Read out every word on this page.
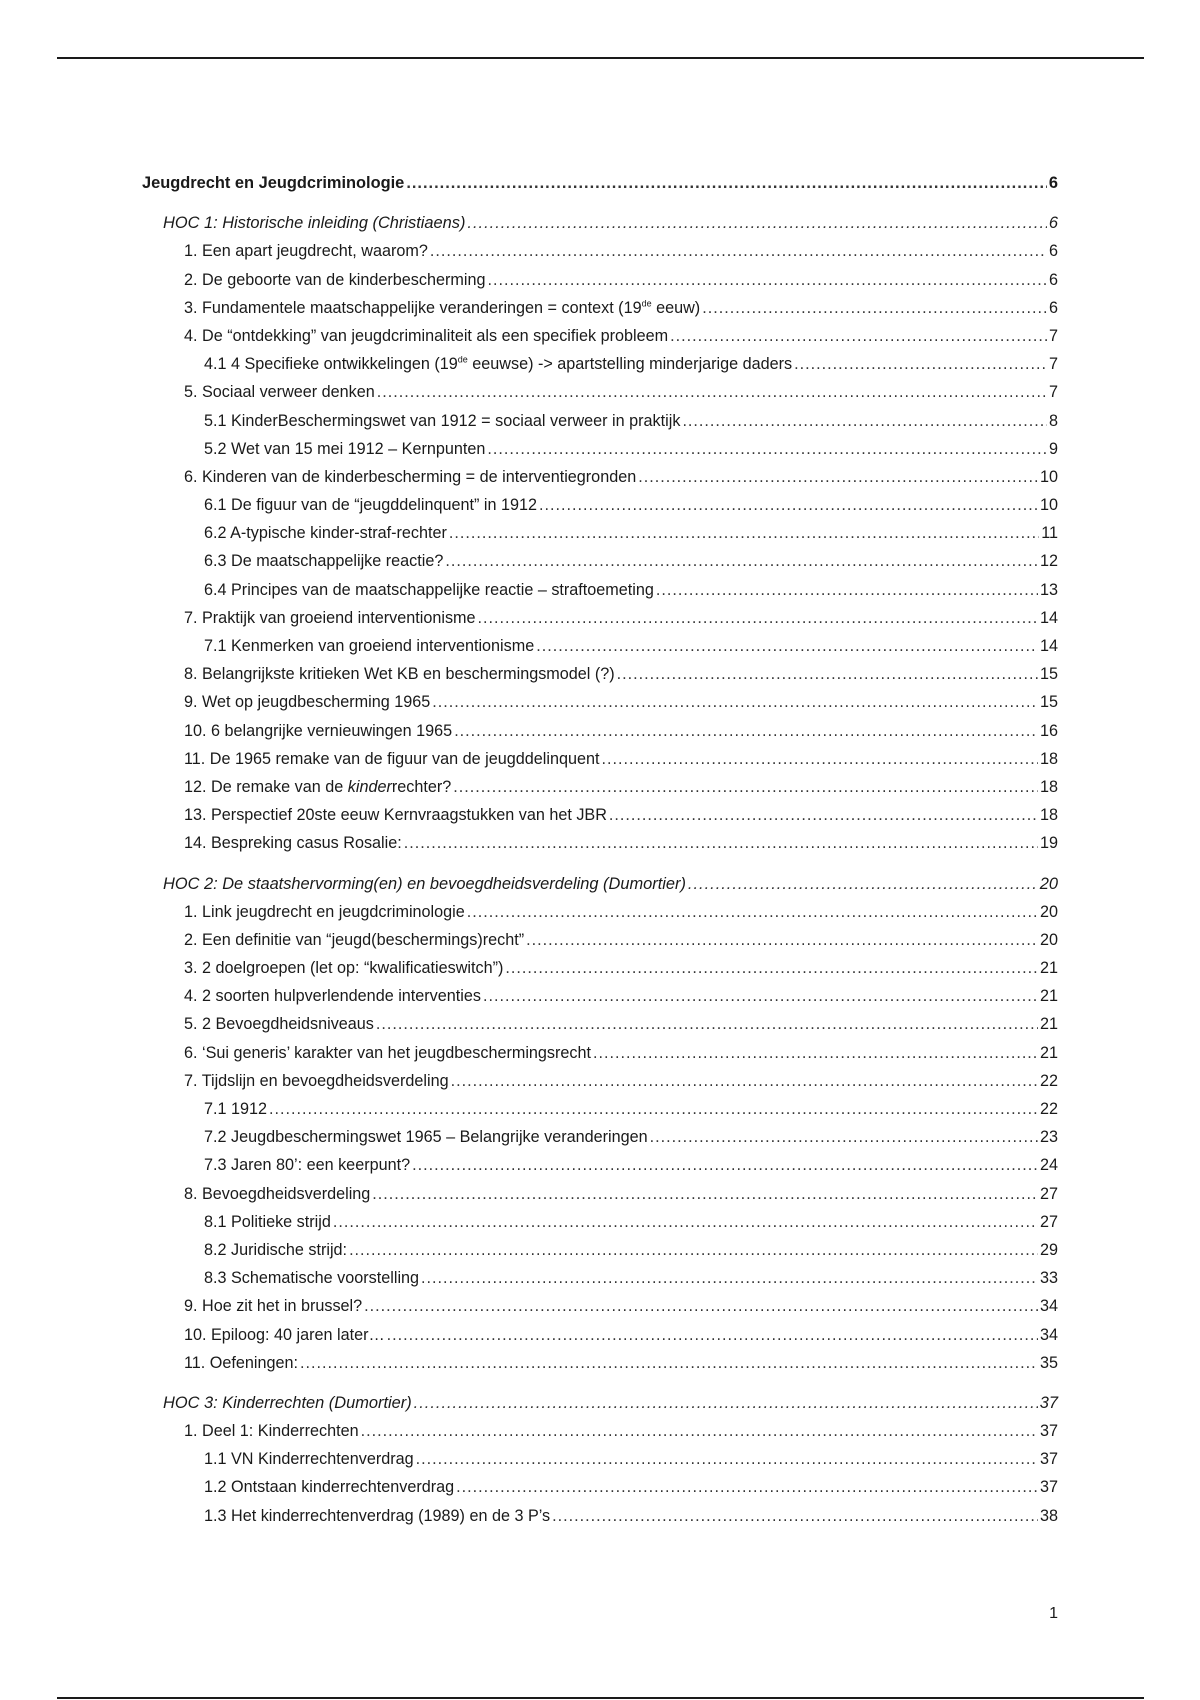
Jeugdrecht en Jeugdcriminologie .....	6
HOC 1: Historische inleiding (Christiaens) .....	6
1. Een apart jeugdrecht, waarom? .....	6
2. De geboorte van de kinderbescherming .....	6
3. Fundamentele maatschappelijke veranderingen = context (19de eeuw) .....	6
4. De “ontdekking” van jeugdcriminaliteit als een specifiek probleem .....	7
4.1 4 Specifieke ontwikkelingen (19de eeuwse) -> apartstelling minderjarige daders .....	7
5. Sociaal verweer denken .....	7
5.1 KinderBeschermingswet van 1912 = sociaal verweer in praktijk .....	8
5.2 Wet van 15 mei 1912 – Kernpunten .....	9
6. Kinderen van de kinderbescherming = de interventiegronden .....	10
6.1 De figuur van de “jeugddelinquent” in 1912 .....	10
6.2 A-typische kinder-straf-rechter .....	11
6.3 De maatschappelijke reactie? .....	12
6.4 Principes van de maatschappelijke reactie – straftoemeting .....	13
7. Praktijk van groeiend interventionisme .....	14
7.1 Kenmerken van groeiend interventionisme .....	14
8. Belangrijkste kritieken Wet KB en beschermingsmodel (?) .....	15
9. Wet op jeugdbescherming 1965 .....	15
10. 6 belangrijke vernieuwingen 1965 .....	16
11. De 1965 remake van de figuur van de jeugddelinquent .....	18
12. De remake van de kinderrechter? .....	18
13. Perspectief 20ste eeuw Kernvraagstukken van het JBR .....	18
14. Bespreking casus Rosalie: .....	19
HOC 2: De staatshervorming(en) en bevoegdheidsverdeling (Dumortier) .....	20
1. Link jeugdrecht en jeugdcriminologie .....	20
2. Een definitie van “jeugd(beschermings)recht” .....	20
3. 2 doelgroepen (let op: “kwalificatieswitch”) .....	21
4. 2 soorten hulpverlendende interventies .....	21
5. 2 Bevoegdheidsniveaus .....	21
6. ‘Sui generis’ karakter van het jeugdbeschermingsrecht .....	21
7. Tijdslijn en bevoegdheidsverdeling .....	22
7.1 1912 .....	22
7.2 Jeugdbeschermingswet 1965 – Belangrijke veranderingen .....	23
7.3 Jaren 80’: een keerpunt? .....	24
8. Bevoegdheidsverdeling .....	27
8.1 Politieke strijd .....	27
8.2 Juridische strijd: .....	29
8.3 Schematische voorstelling .....	33
9. Hoe zit het in brussel? .....	34
10. Epiloog: 40 jaren later… .....	34
11. Oefeningen: .....	35
HOC 3: Kinderrechten (Dumortier) .....	37
1. Deel 1: Kinderrechten .....	37
1.1 VN Kinderrechtenverdrag .....	37
1.2 Ontstaan kinderrechtenverdrag .....	37
1.3 Het kinderrechtenverdrag (1989) en de 3 P’s .....	38
1
